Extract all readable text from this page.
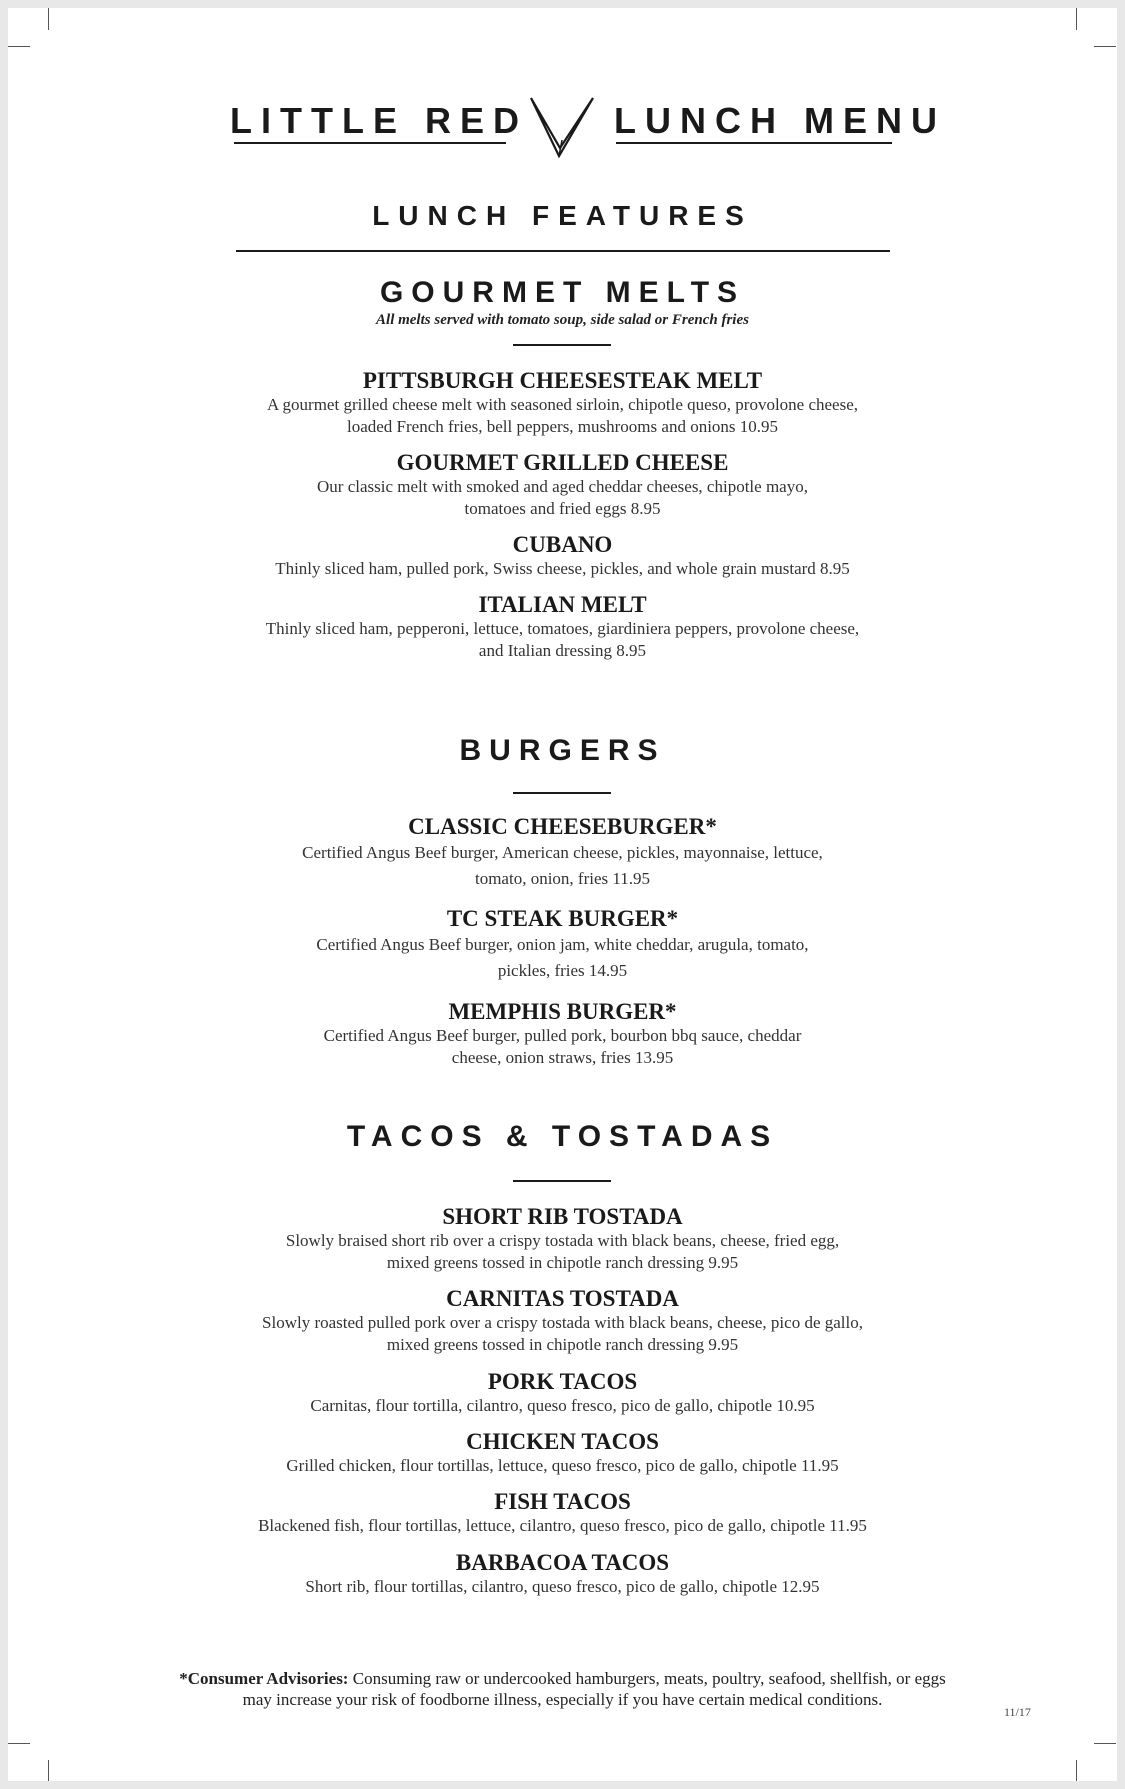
LITTLE RED LUNCH MENU
LUNCH FEATURES
GOURMET MELTS
All melts served with tomato soup, side salad or French fries
PITTSBURGH CHEESESTEAK MELT
A gourmet grilled cheese melt with seasoned sirloin, chipotle queso, provolone cheese,
loaded French fries, bell peppers, mushrooms and onions 10.95
GOURMET GRILLED CHEESE
Our classic melt with smoked and aged cheddar cheeses, chipotle mayo,
tomatoes and fried eggs 8.95
CUBANO
Thinly sliced ham, pulled pork, Swiss cheese, pickles, and whole grain mustard 8.95
ITALIAN MELT
Thinly sliced ham, pepperoni, lettuce, tomatoes, giardiniera peppers, provolone cheese,
and Italian dressing 8.95
BURGERS
CLASSIC CHEESEBURGER*
Certified Angus Beef burger, American cheese, pickles, mayonnaise, lettuce,
tomato, onion, fries 11.95
TC STEAK BURGER*
Certified Angus Beef burger, onion jam, white cheddar, arugula, tomato,
pickles, fries 14.95
MEMPHIS BURGER*
Certified Angus Beef burger, pulled pork, bourbon bbq sauce, cheddar
cheese, onion straws, fries 13.95
TACOS & TOSTADAS
SHORT RIB TOSTADA
Slowly braised short rib over a crispy tostada with black beans, cheese, fried egg,
mixed greens tossed in chipotle ranch dressing 9.95
CARNITAS TOSTADA
Slowly roasted pulled pork over a crispy tostada with black beans, cheese, pico de gallo,
mixed greens tossed in chipotle ranch dressing 9.95
PORK TACOS
Carnitas, flour tortilla, cilantro, queso fresco, pico de gallo, chipotle 10.95
CHICKEN TACOS
Grilled chicken, flour tortillas, lettuce, queso fresco, pico de gallo, chipotle 11.95
FISH TACOS
Blackened fish, flour tortillas, lettuce, cilantro, queso fresco, pico de gallo, chipotle 11.95
BARBACOA TACOS
Short rib, flour tortillas, cilantro, queso fresco, pico de gallo, chipotle 12.95
*Consumer Advisories: Consuming raw or undercooked hamburgers, meats, poultry, seafood, shellfish, or eggs
may increase your risk of foodborne illness, especially if you have certain medical conditions.
11/17
